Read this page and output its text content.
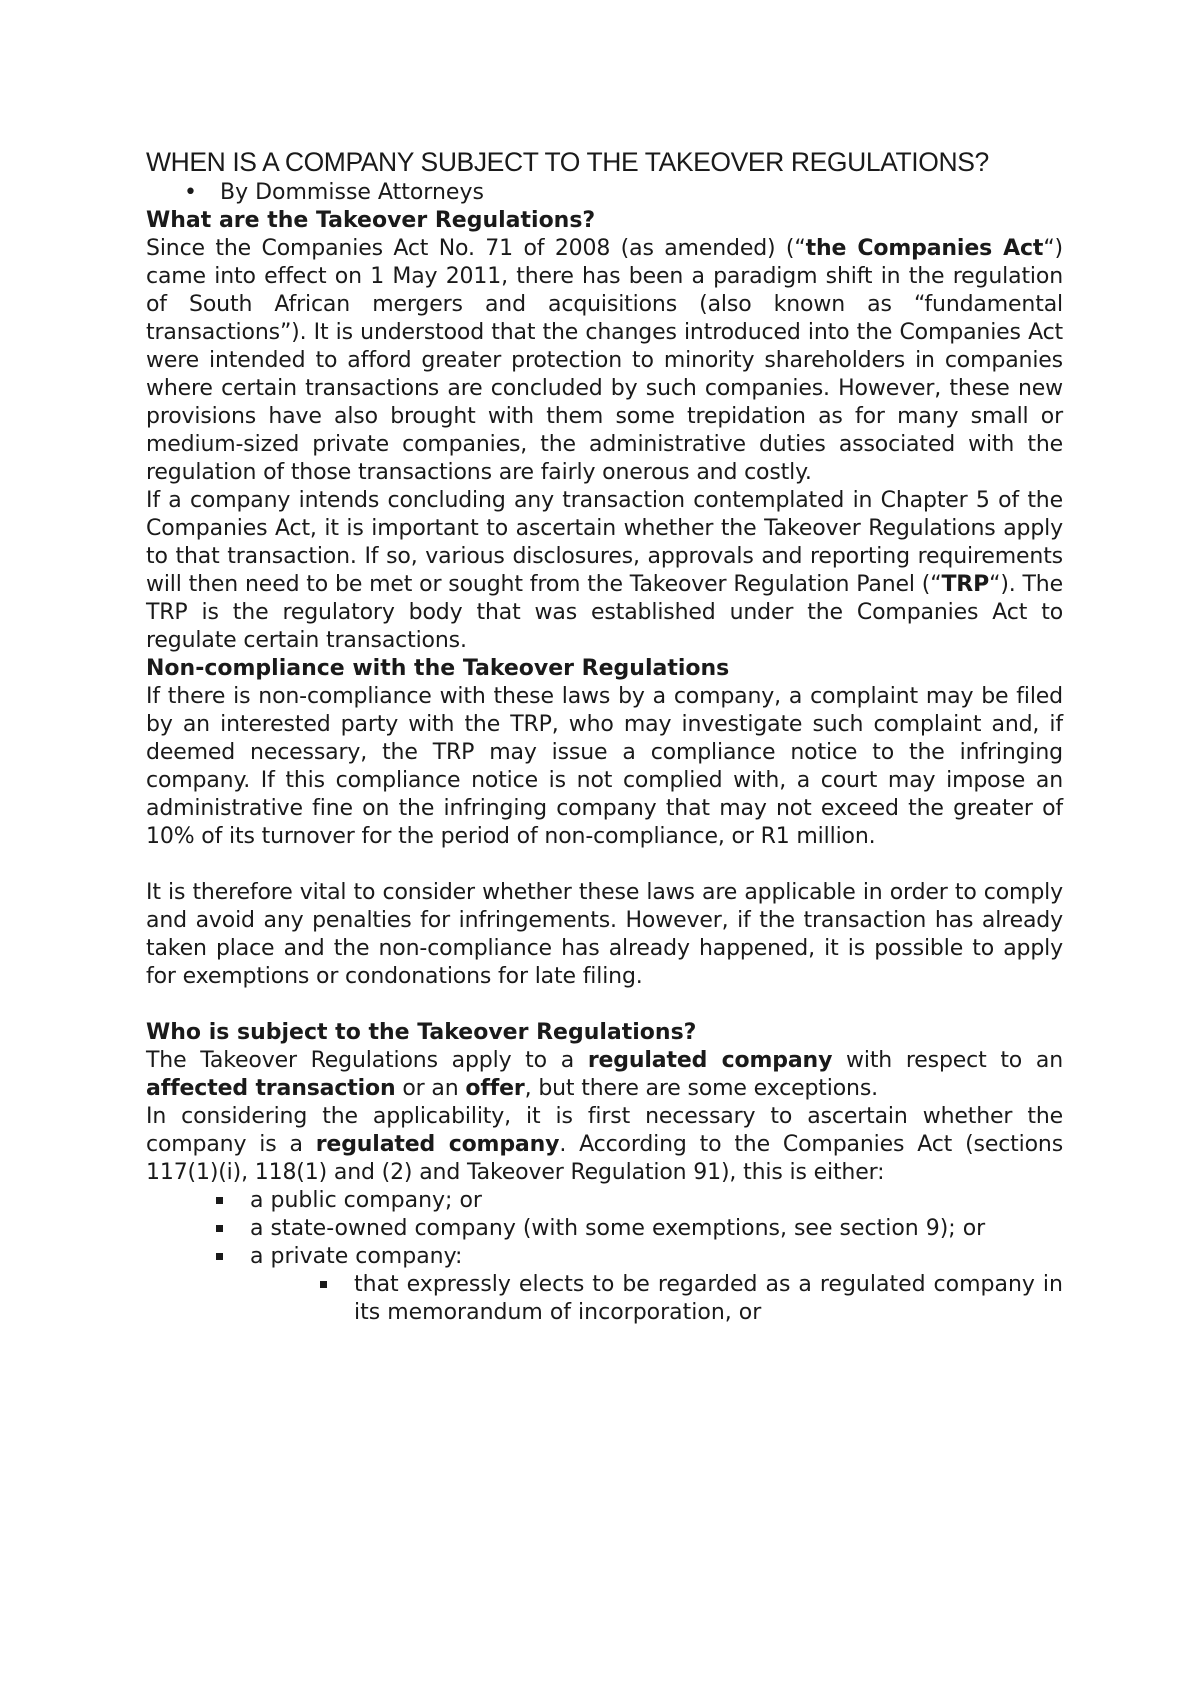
WHEN IS A COMPANY SUBJECT TO THE TAKEOVER REGULATIONS?
• By Dommisse Attorneys

What are the Takeover Regulations?

Since the Companies Act No. 71 of 2008 (as amended) (“the Companies Act“) came into effect on 1 May 2011, there has been a paradigm shift in the regulation of South African mergers and acquisitions (also known as “fundamental transactions”). It is understood that the changes introduced into the Companies Act were intended to afford greater protection to minority shareholders in companies where certain transactions are concluded by such companies. However, these new provisions have also brought with them some trepidation as for many small or medium-sized private companies, the administrative duties associated with the regulation of those transactions are fairly onerous and costly.

If a company intends concluding any transaction contemplated in Chapter 5 of the Companies Act, it is important to ascertain whether the Takeover Regulations apply to that transaction. If so, various disclosures, approvals and reporting requirements will then need to be met or sought from the Takeover Regulation Panel (“TRP“). The TRP is the regulatory body that was established under the Companies Act to regulate certain transactions.

Non-compliance with the Takeover Regulations

If there is non-compliance with these laws by a company, a complaint may be filed by an interested party with the TRP, who may investigate such complaint and, if deemed necessary, the TRP may issue a compliance notice to the infringing company. If this compliance notice is not complied with, a court may impose an administrative fine on the infringing company that may not exceed the greater of 10% of its turnover for the period of non-compliance, or R1 million.

It is therefore vital to consider whether these laws are applicable in order to comply and avoid any penalties for infringements. However, if the transaction has already taken place and the non-compliance has already happened, it is possible to apply for exemptions or condonations for late filing.

Who is subject to the Takeover Regulations?

The Takeover Regulations apply to a regulated company with respect to an affected transaction or an offer, but there are some exceptions.

In considering the applicability, it is first necessary to ascertain whether the company is a regulated company. According to the Companies Act (sections 117(1)(i), 118(1) and (2) and Takeover Regulation 91), this is either:

a public company; or
a state-owned company (with some exemptions, see section 9); or
a private company:
that expressly elects to be regarded as a regulated company in its memorandum of incorporation, or
